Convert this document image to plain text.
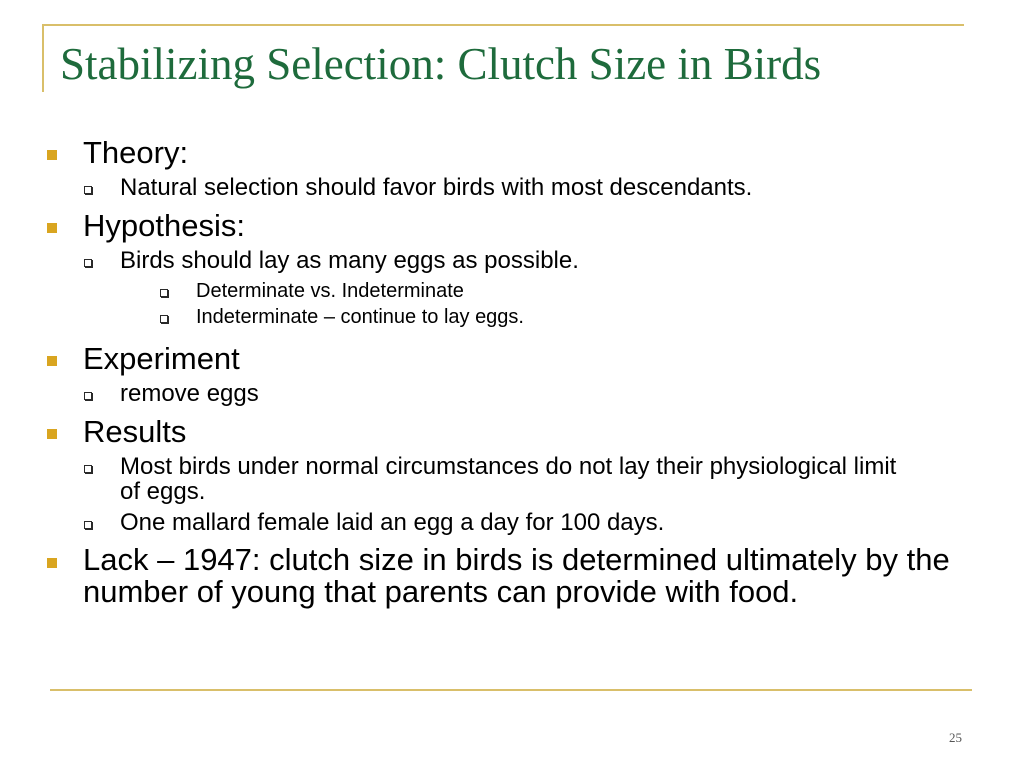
Stabilizing Selection: Clutch Size in Birds
Theory:
Natural selection should favor birds with most descendants.
Hypothesis:
Birds should lay as many eggs as possible.
Determinate vs. Indeterminate
Indeterminate – continue to lay eggs.
Experiment
remove eggs
Results
Most birds under normal circumstances do not lay their physiological limit of eggs.
One mallard female laid an egg a day for 100 days.
Lack – 1947: clutch size in birds is determined ultimately by the number of young that parents can provide with food.
25
